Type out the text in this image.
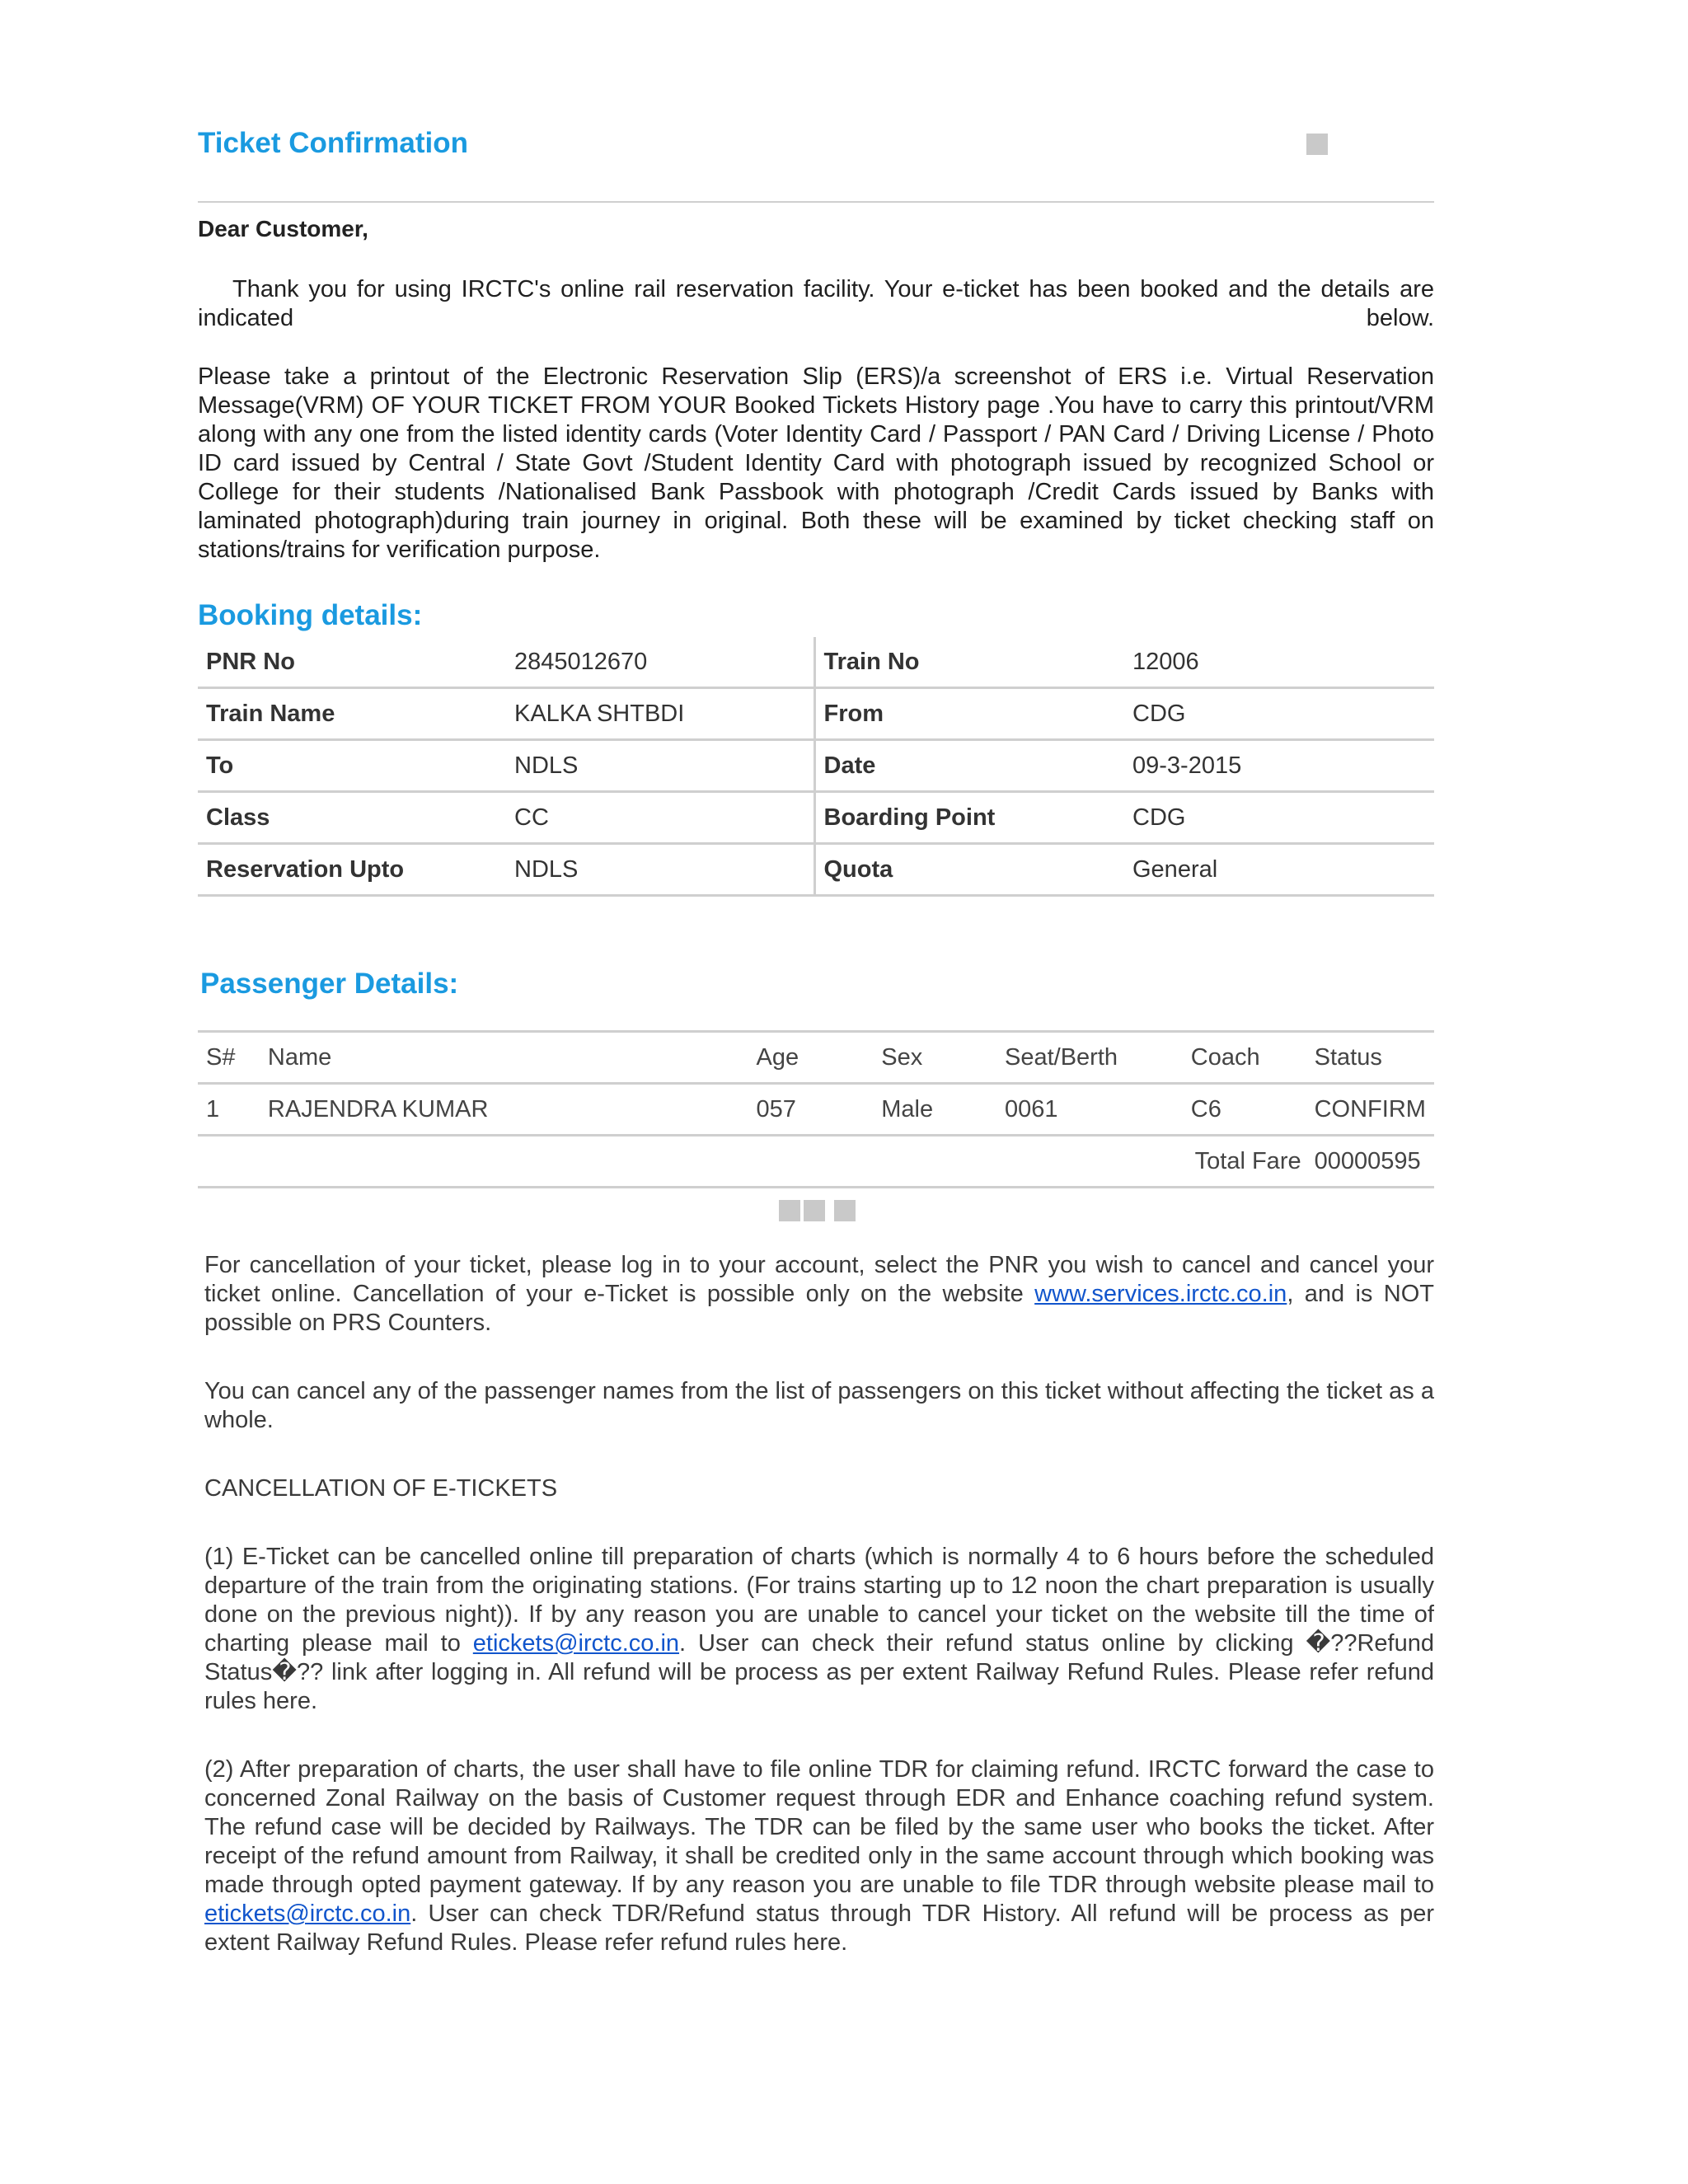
Ticket Confirmation
Dear Customer,
Thank you for using IRCTC's online rail reservation facility. Your e-ticket has been booked and the details are indicated below.
Please take a printout of the Electronic Reservation Slip (ERS)/a screenshot of ERS i.e. Virtual Reservation Message(VRM) OF YOUR TICKET FROM YOUR Booked Tickets History page .You have to carry this printout/VRM along with any one from the listed identity cards (Voter Identity Card / Passport / PAN Card / Driving License / Photo ID card issued by Central / State Govt /Student Identity Card with photograph issued by recognized School or College for their students /Nationalised Bank Passbook with photograph /Credit Cards issued by Banks with laminated photograph)during train journey in original. Both these will be examined by ticket checking staff on stations/trains for verification purpose.
Booking details:
PNR No	2845012670	Train No	12006
Train Name	KALKA SHTBDI	From	CDG
To	NDLS	Date	09-3-2015
Class	CC	Boarding Point	CDG
Reservation Upto	NDLS	Quota	General
Passenger Details:
S#	Name	Age	Sex	Seat/Berth	Coach	Status
1	RAJENDRA KUMAR	057	Male	0061	C6	CONFIRM
					Total Fare	00000595
For cancellation of your ticket, please log in to your account, select the PNR you wish to cancel and cancel your ticket online. Cancellation of your e-Ticket is possible only on the website www.services.irctc.co.in, and is NOT possible on PRS Counters.
You can cancel any of the passenger names from the list of passengers on this ticket without affecting the ticket as a whole.
CANCELLATION OF E-TICKETS
(1) E-Ticket can be cancelled online till preparation of charts (which is normally 4 to 6 hours before the scheduled departure of the train from the originating stations. (For trains starting up to 12 noon the chart preparation is usually done on the previous night)). If by any reason you are unable to cancel your ticket on the website till the time of charting please mail to etickets@irctc.co.in. User can check their refund status online by clicking �??Refund Status�?? link after logging in. All refund will be process as per extent Railway Refund Rules. Please refer refund rules here.
(2) After preparation of charts, the user shall have to file online TDR for claiming refund. IRCTC forward the case to concerned Zonal Railway on the basis of Customer request through EDR and Enhance coaching refund system. The refund case will be decided by Railways. The TDR can be filed by the same user who books the ticket. After receipt of the refund amount from Railway, it shall be credited only in the same account through which booking was made through opted payment gateway. If by any reason you are unable to file TDR through website please mail to etickets@irctc.co.in. User can check TDR/Refund status through TDR History. All refund will be process as per extent Railway Refund Rules. Please refer refund rules here.
